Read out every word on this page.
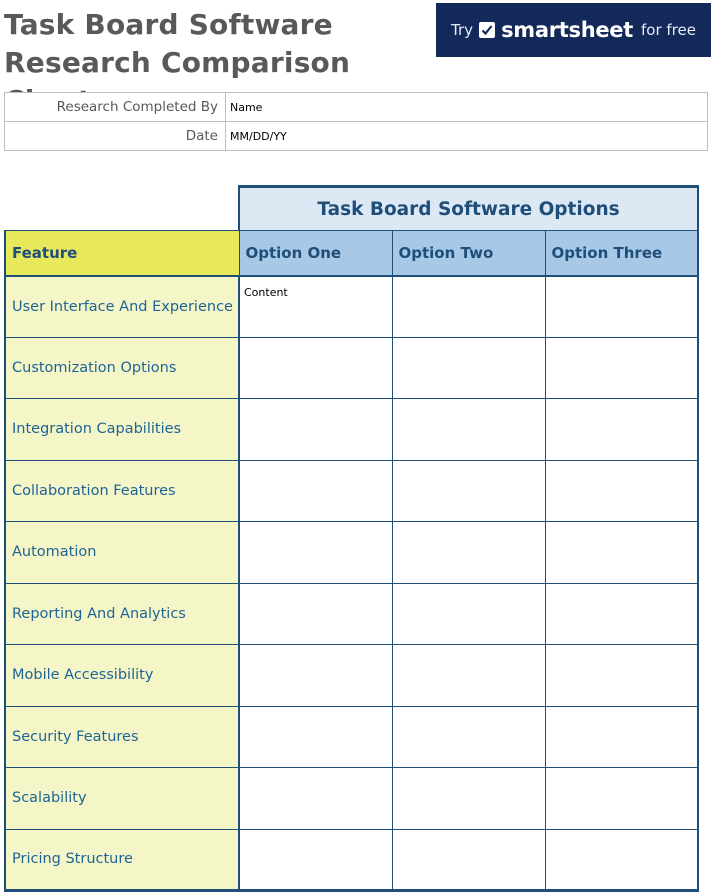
Task Board Software Research Comparison
Try smartsheet for free
Research Completed By	Name
Date	MM/DD/YY
	Task Board Software Options		
Feature	Option One	Option Two	Option Three
User Interface And Experience	Content		
Customization Options			
Integration Capabilities			
Collaboration Features			
Automation			
Reporting And Analytics			
Mobile Accessibility			
Security Features			
Scalability			
Pricing Structure			
